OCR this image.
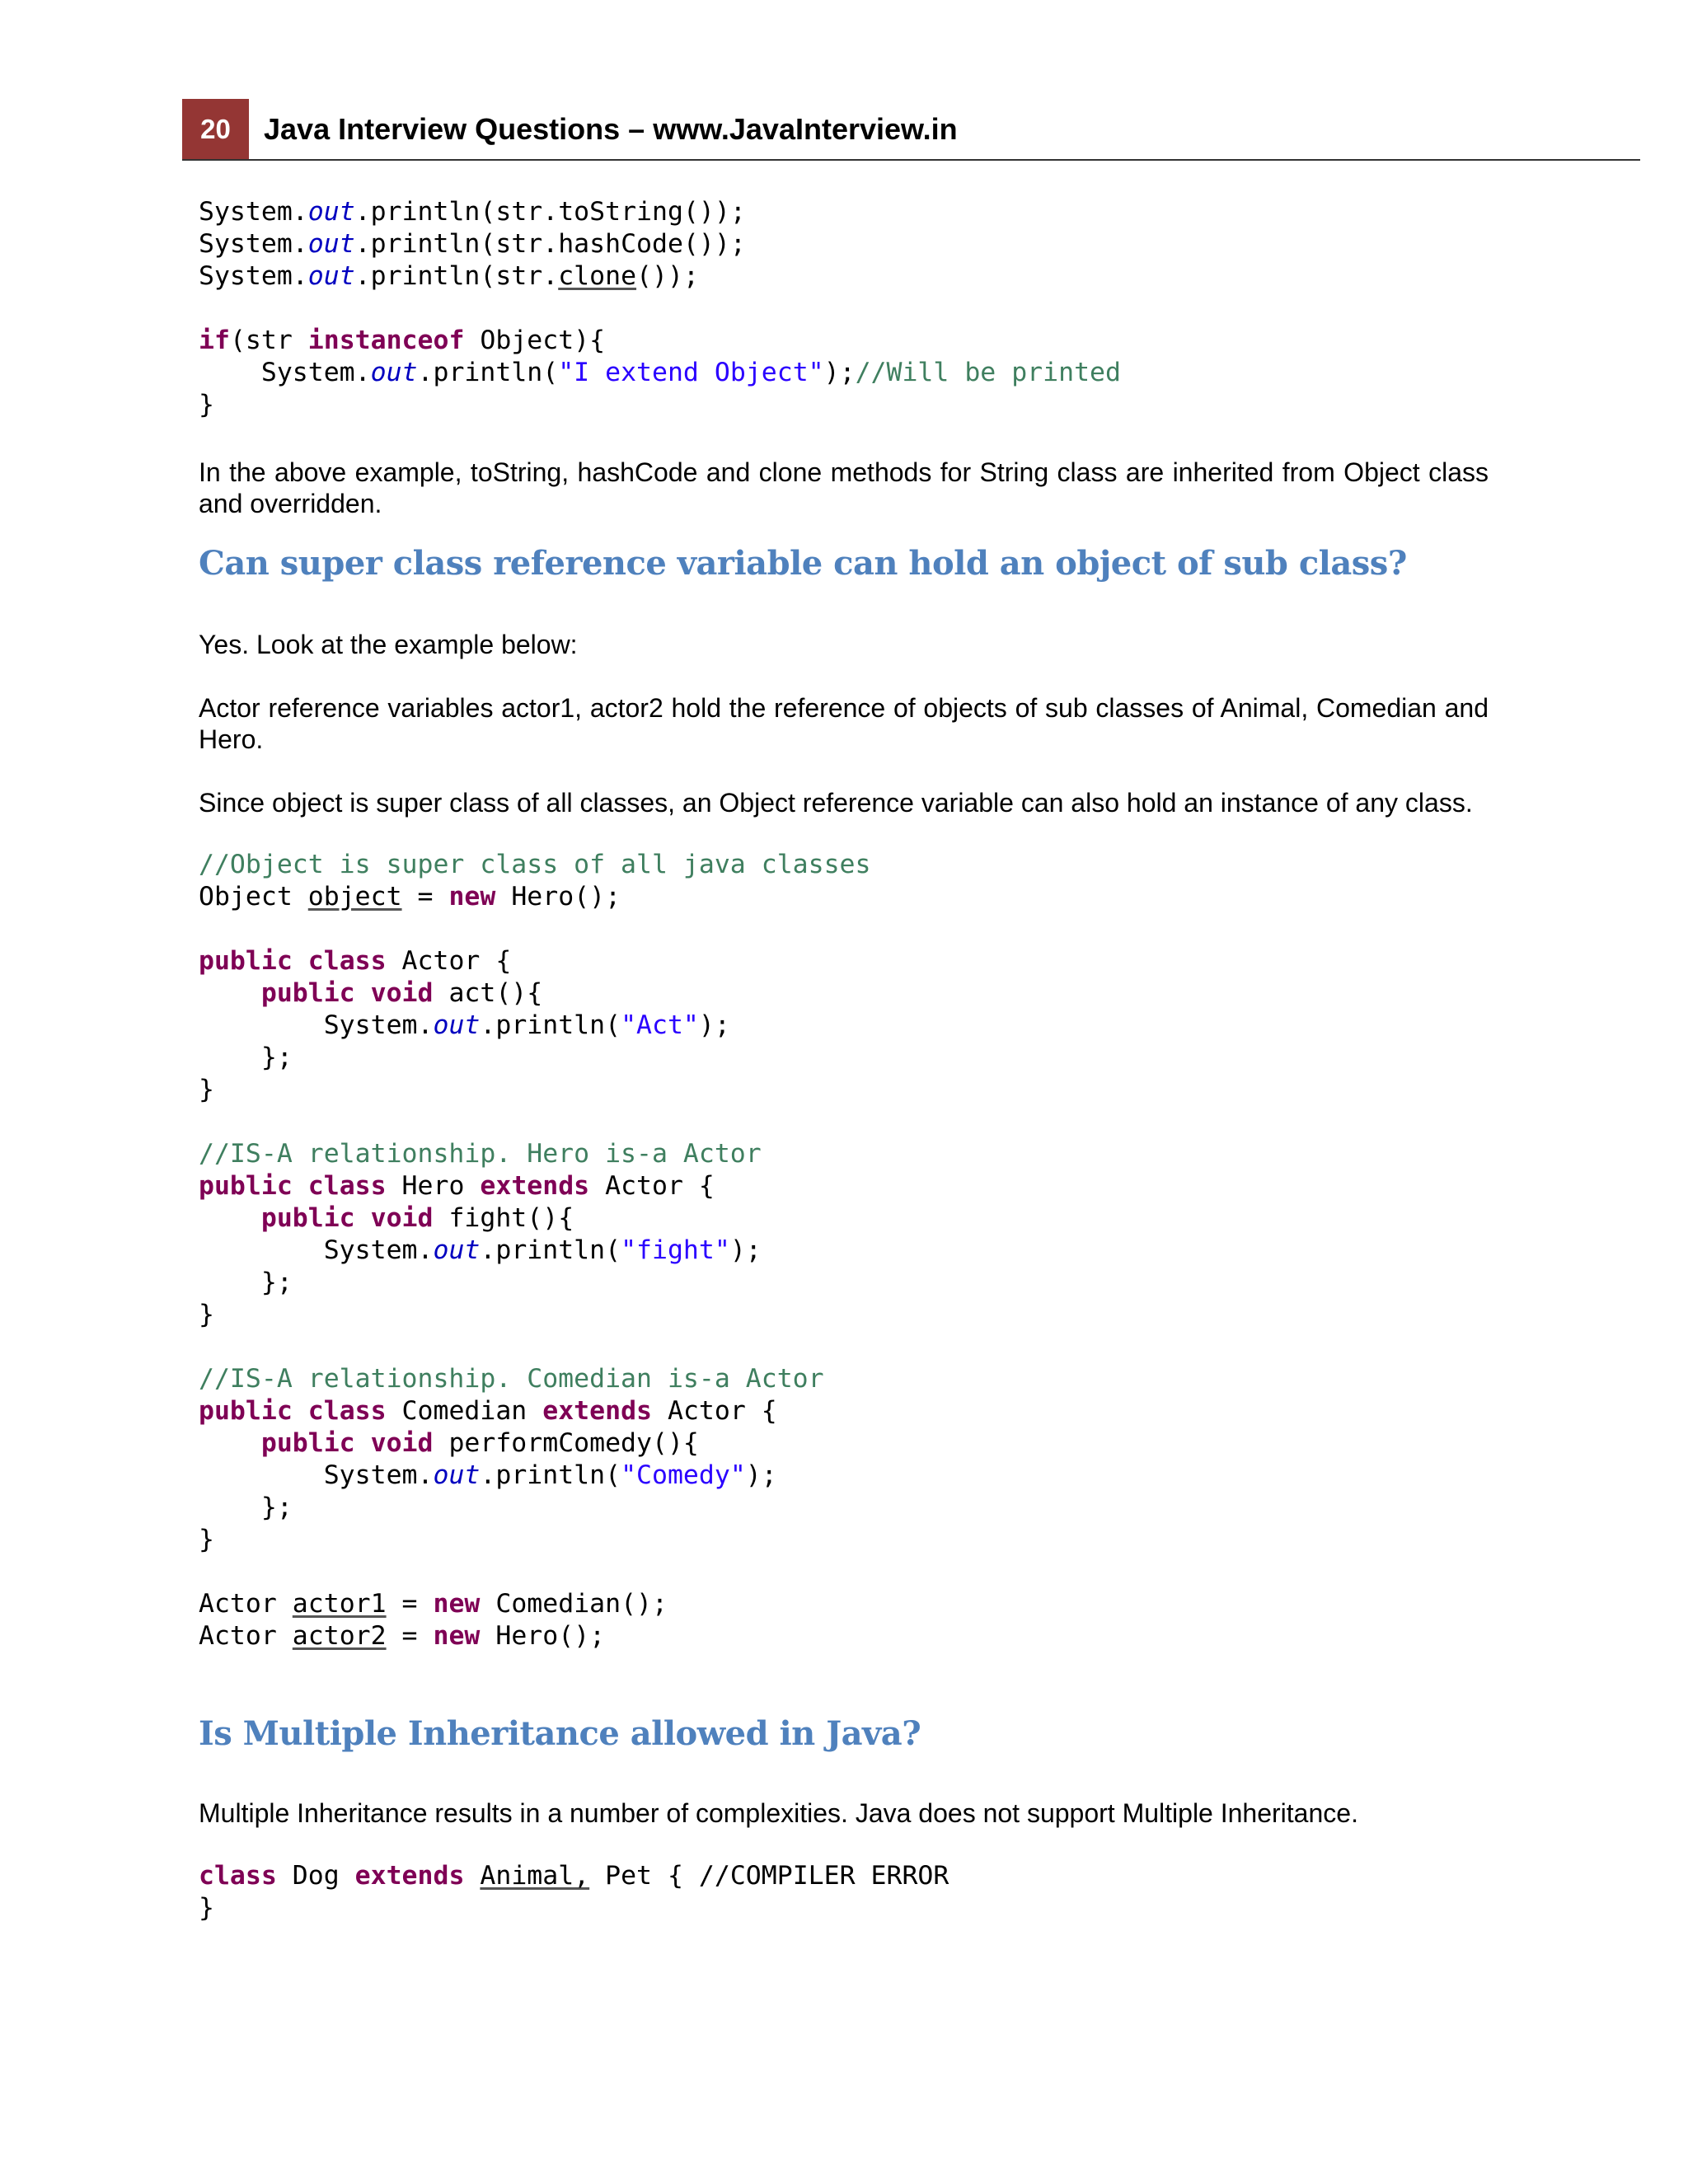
20 Java Interview Questions – www.JavaInterview.in
System.out.println(str.toString());
System.out.println(str.hashCode());
System.out.println(str.clone());
if(str instanceof Object){
System.out.println("I extend Object");//Will be printed
}

In the above example, toString, hashCode and clone methods for String class are inherited from Object class and overridden.

Can super class reference variable can hold an object of sub class?

Yes. Look at the example below:

Actor reference variables actor1, actor2 hold the reference of objects of sub classes of Animal, Comedian and Hero.

Since object is super class of all classes, an Object reference variable can also hold an instance of any class.

//Object is super class of all java classes
Object object = new Hero();
public class Actor {
public void act(){
System.out.println("Act");
};
}
//IS-A relationship. Hero is-a Actor
public class Hero extends Actor {
public void fight(){
System.out.println("fight");
};
}
//IS-A relationship. Comedian is-a Actor
public class Comedian extends Actor {
public void performComedy(){
System.out.println("Comedy");
};
}
Actor actor1 = new Comedian();
Actor actor2 = new Hero();
Is Multiple Inheritance allowed in Java?

Multiple Inheritance results in a number of complexities. Java does not support Multiple Inheritance.

class Dog extends Animal, Pet { //COMPILER ERROR
}
